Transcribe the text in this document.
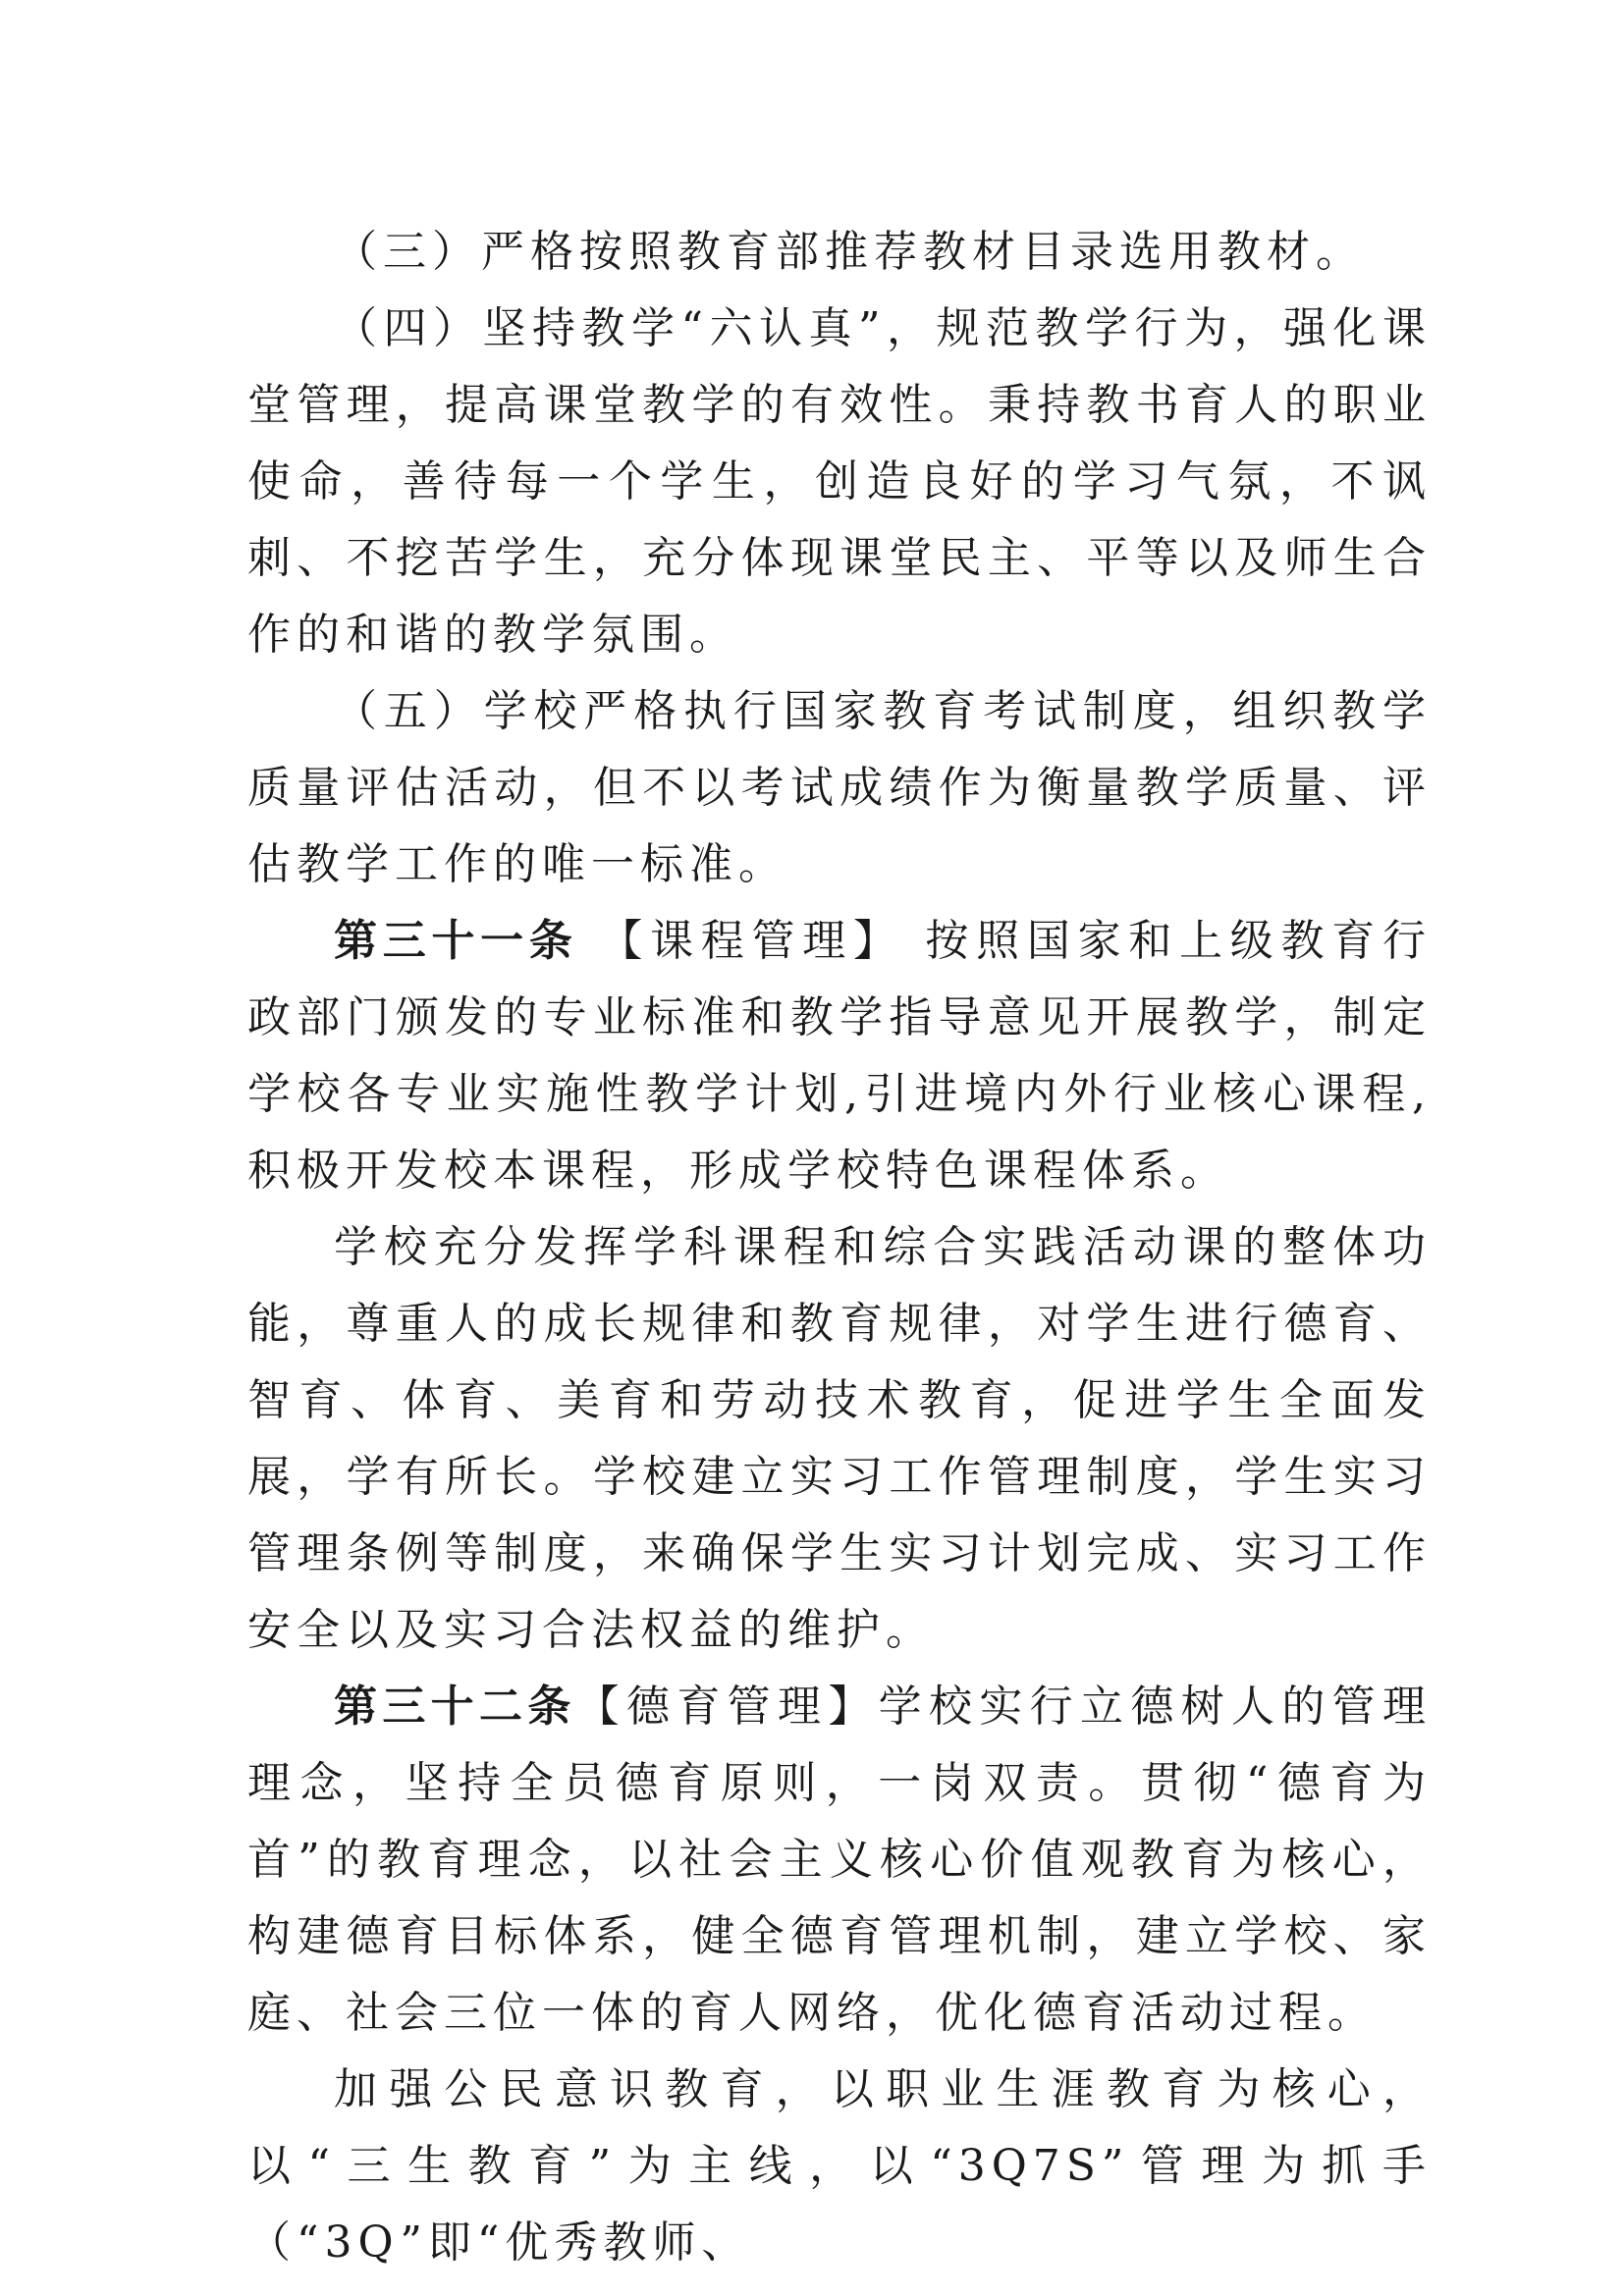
（三）严格按照教育部推荐教材目录选用教材。

（四）坚持教学“六认真”，规范教学行为，强化课堂管理，提高课堂教学的有效性。秉持教书育人的职业使命，善待每一个学生，创造良好的学习气氛，不讽刺、不挖苦学生，充分体现课堂民主、平等以及师生合作的和谐的教学氛围。

（五）学校严格执行国家教育考试制度，组织教学质量评估活动，但不以考试成绩作为衡量教学质量、评估教学工作的唯一标准。

第三十一条 【课程管理】 按照国家和上级教育行政部门颁发的专业标准和教学指导意见开展教学，制定学校各专业实施性教学计划,引进境内外行业核心课程,积极开发校本课程，形成学校特色课程体系。

学校充分发挥学科课程和综合实践活动课的整体功能，尊重人的成长规律和教育规律，对学生进行德育、智育、体育、美育和劳动技术教育，促进学生全面发展，学有所长。学校建立实习工作管理制度，学生实习管理条例等制度，来确保学生实习计划完成、实习工作安全以及实习合法权益的维护。

第三十二条【德育管理】学校实行立德树人的管理理念，坚持全员德育原则，一岗双责。贯彻“德育为首”的教育理念，以社会主义核心价值观教育为核心，构建德育目标体系，健全德育管理机制，建立学校、家庭、社会三位一体的育人网络，优化德育活动过程。

加强公民意识教育，以职业生涯教育为核心，以“三生教育”为主线，以“3Q7S”管理为抓手（“3Q”即“优秀教师、
